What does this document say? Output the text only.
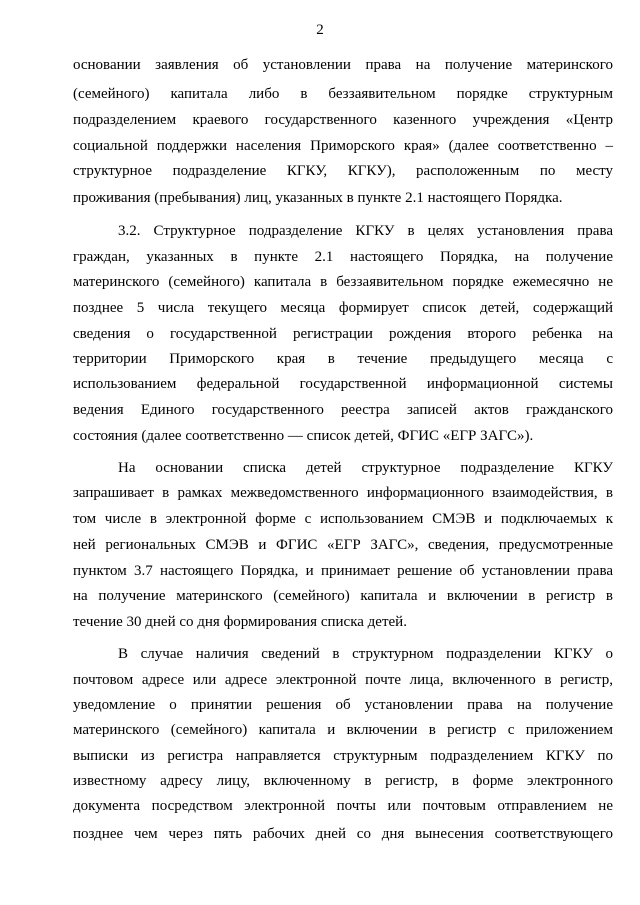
2
основании заявления об установлении права на получение материнского
(семейного) капитала либо в беззаявительном порядке структурным
подразделением краевого государственного казенного учреждения «Центр
социальной поддержки населения Приморского края» (далее соответственно –
структурное подразделение КГКУ, КГКУ), расположенным по месту
проживания (пребывания) лиц, указанных в пункте 2.1 настоящего Порядка.
3.2. Структурное подразделение КГКУ в целях установления права
граждан, указанных в пункте 2.1 настоящего Порядка, на получение
материнского (семейного) капитала в беззаявительном порядке ежемесячно не
позднее 5 числа текущего месяца формирует список детей, содержащий
сведения о государственной регистрации рождения второго ребенка на
территории Приморского края в течение предыдущего месяца с
использованием федеральной государственной информационной системы
ведения Единого государственного реестра записей актов гражданского
состояния (далее соответственно — список детей, ФГИС «ЕГР ЗАГС»).
На основании списка детей структурное подразделение КГКУ
запрашивает в рамках межведомственного информационного взаимодействия, в
том числе в электронной форме с использованием СМЭВ и подключаемых к
ней региональных СМЭВ и ФГИС «ЕГР ЗАГС», сведения, предусмотренные
пунктом 3.7 настоящего Порядка, и принимает решение об установлении права
на получение материнского (семейного) капитала и включении в регистр в
течение 30 дней со дня формирования списка детей.
В случае наличия сведений в структурном подразделении КГКУ о
почтовом адресе или адресе электронной почте лица, включенного в регистр,
уведомление о принятии решения об установлении права на получение
материнского (семейного) капитала и включении в регистр с приложением
выписки из регистра направляется структурным подразделением КГКУ по
известному адресу лицу, включенному в регистр, в форме электронного
документа посредством электронной почты или почтовым отправлением не
позднее чем через пять рабочих дней со дня вынесения соответствующего
